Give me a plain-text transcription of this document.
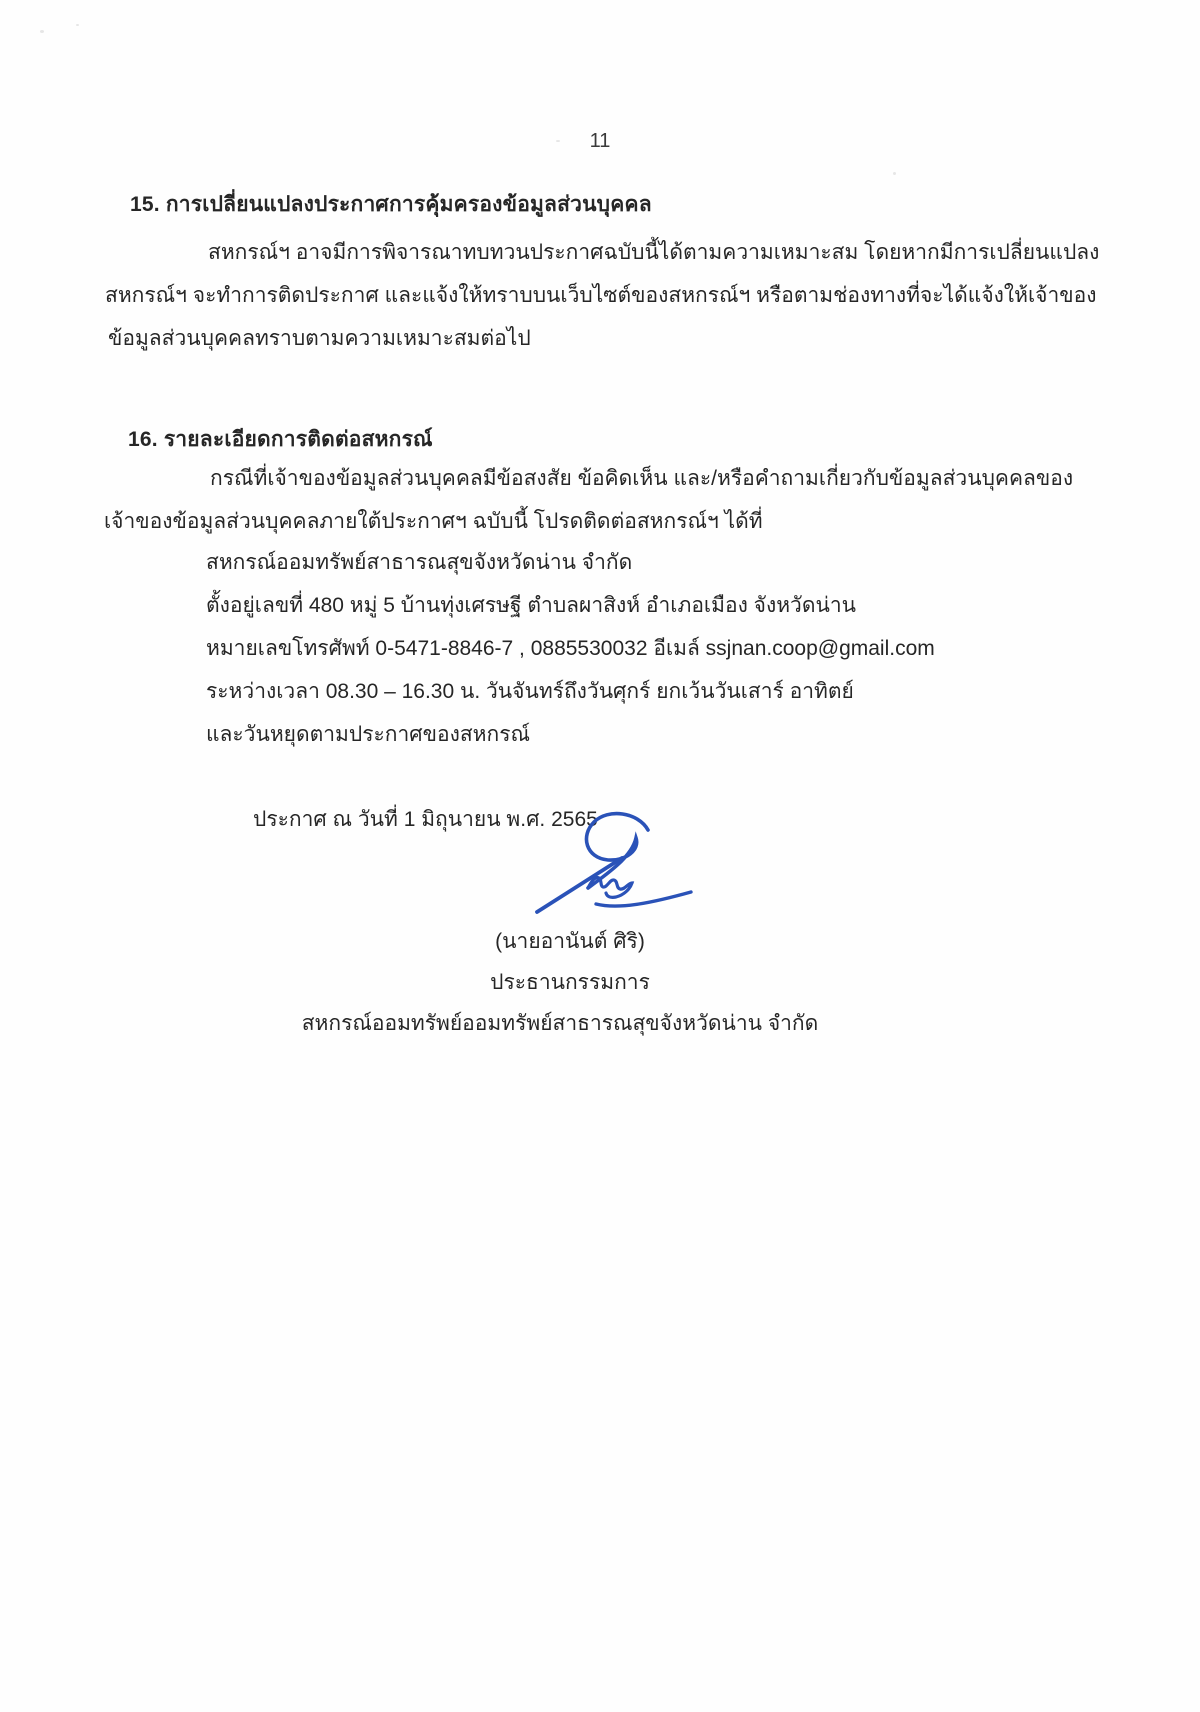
11
15. การเปลี่ยนแปลงประกาศการคุ้มครองข้อมูลส่วนบุคคล
สหกรณ์ฯ อาจมีการพิจารณาทบทวนประกาศฉบับนี้ได้ตามความเหมาะสม โดยหากมีการเปลี่ยนแปลง
สหกรณ์ฯ จะทำการติดประกาศ และแจ้งให้ทราบบนเว็บไซต์ของสหกรณ์ฯ หรือตามช่องทางที่จะได้แจ้งให้เจ้าของ
ข้อมูลส่วนบุคคลทราบตามความเหมาะสมต่อไป
16. รายละเอียดการติดต่อสหกรณ์
กรณีที่เจ้าของข้อมูลส่วนบุคคลมีข้อสงสัย ข้อคิดเห็น และ/หรือคำถามเกี่ยวกับข้อมูลส่วนบุคคลของ
เจ้าของข้อมูลส่วนบุคคลภายใต้ประกาศฯ ฉบับนี้ โปรดติดต่อสหกรณ์ฯ ได้ที่
สหกรณ์ออมทรัพย์สาธารณสุขจังหวัดน่าน จำกัด
ตั้งอยู่เลขที่ 480 หมู่ 5 บ้านทุ่งเศรษฐี ตำบลผาสิงห์ อำเภอเมือง จังหวัดน่าน
หมายเลขโทรศัพท์ 0-5471-8846-7 , 0885530032 อีเมล์ ssjnan.coop@gmail.com
ระหว่างเวลา 08.30 – 16.30 น. วันจันทร์ถึงวันศุกร์ ยกเว้นวันเสาร์ อาทิตย์
และวันหยุดตามประกาศของสหกรณ์
ประกาศ ณ วันที่ 1 มิถุนายน พ.ศ. 2565
(นายอานันต์ ศิริ)
ประธานกรรมการ
สหกรณ์ออมทรัพย์ออมทรัพย์สาธารณสุขจังหวัดน่าน จำกัด
